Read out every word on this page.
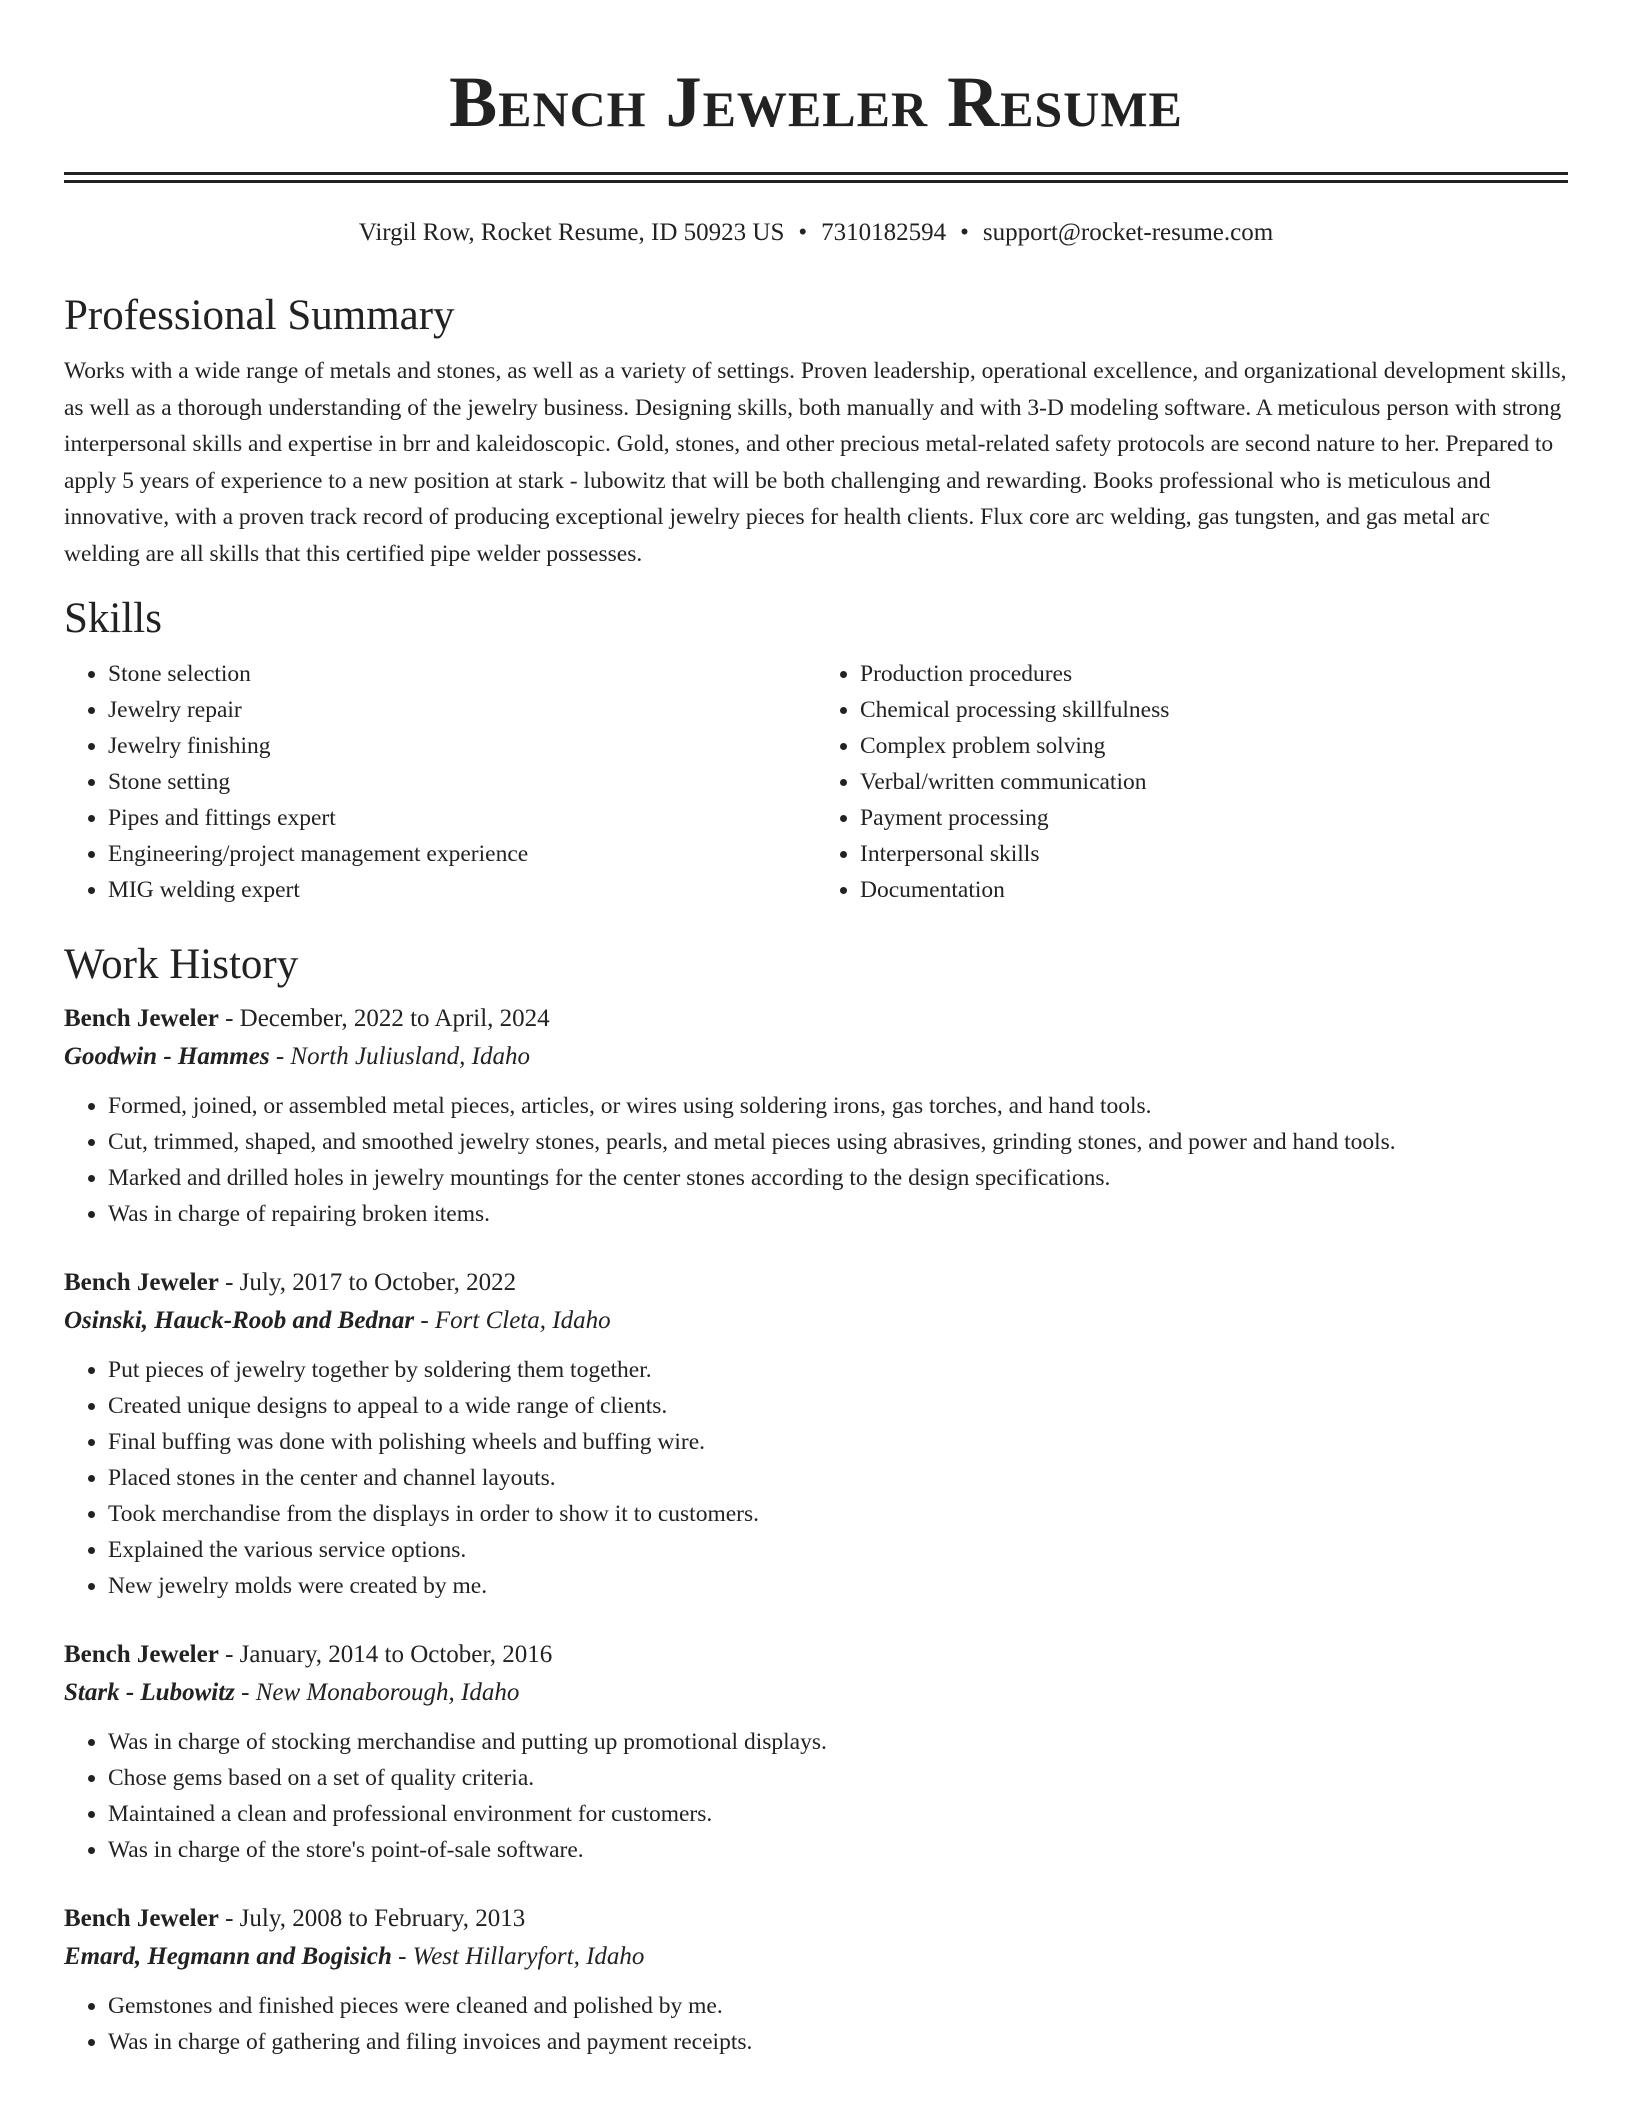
Bench Jeweler Resume
Virgil Row, Rocket Resume, ID 50923 US • 7310182594 • support@rocket-resume.com
Professional Summary

Works with a wide range of metals and stones, as well as a variety of settings. Proven leadership, operational excellence, and organizational development skills, as well as a thorough understanding of the jewelry business. Designing skills, both manually and with 3-D modeling software. A meticulous person with strong interpersonal skills and expertise in brr and kaleidoscopic. Gold, stones, and other precious metal-related safety protocols are second nature to her. Prepared to apply 5 years of experience to a new position at stark - lubowitz that will be both challenging and rewarding. Books professional who is meticulous and innovative, with a proven track record of producing exceptional jewelry pieces for health clients. Flux core arc welding, gas tungsten, and gas metal arc welding are all skills that this certified pipe welder possesses.

Skills
• Stone selection
• Jewelry repair
• Jewelry finishing
• Stone setting
• Pipes and fittings expert
• Engineering/project management experience
• MIG welding expert
• Production procedures
• Chemical processing skillfulness
• Complex problem solving
• Verbal/written communication
• Payment processing
• Interpersonal skills
• Documentation
Work History
Bench Jeweler - December, 2022 to April, 2024
Goodwin - Hammes - North Juliusland, Idaho
• Formed, joined, or assembled metal pieces, articles, or wires using soldering irons, gas torches, and hand tools.
• Cut, trimmed, shaped, and smoothed jewelry stones, pearls, and metal pieces using abrasives, grinding stones, and power and hand tools.
• Marked and drilled holes in jewelry mountings for the center stones according to the design specifications.
• Was in charge of repairing broken items.
Bench Jeweler - July, 2017 to October, 2022
Osinski, Hauck-Roob and Bednar - Fort Cleta, Idaho
• Put pieces of jewelry together by soldering them together.
• Created unique designs to appeal to a wide range of clients.
• Final buffing was done with polishing wheels and buffing wire.
• Placed stones in the center and channel layouts.
• Took merchandise from the displays in order to show it to customers.
• Explained the various service options.
• New jewelry molds were created by me.
Bench Jeweler - January, 2014 to October, 2016
Stark - Lubowitz - New Monaborough, Idaho
• Was in charge of stocking merchandise and putting up promotional displays.
• Chose gems based on a set of quality criteria.
• Maintained a clean and professional environment for customers.
• Was in charge of the store's point-of-sale software.
Bench Jeweler - July, 2008 to February, 2013
Emard, Hegmann and Bogisich - West Hillaryfort, Idaho
• Gemstones and finished pieces were cleaned and polished by me.
• Was in charge of gathering and filing invoices and payment receipts.
